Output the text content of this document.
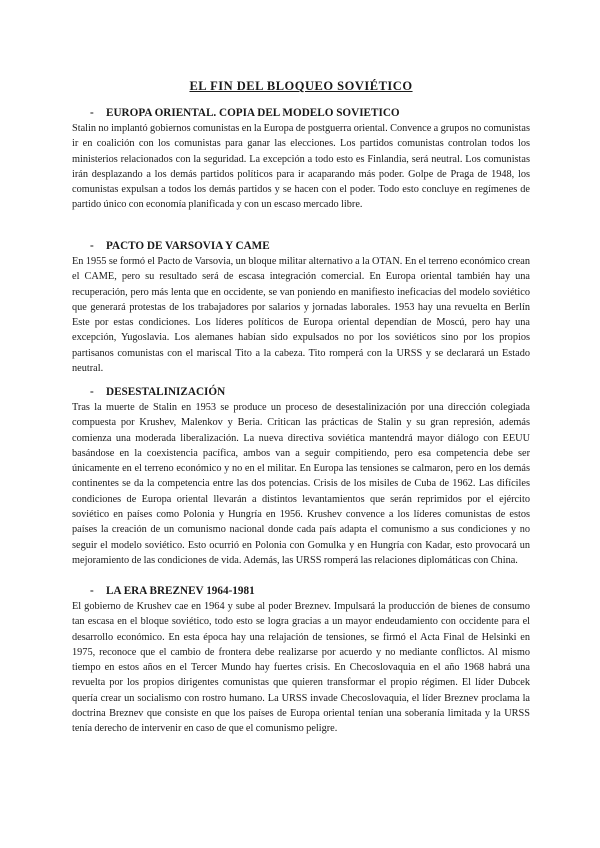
EL FIN DEL BLOQUEO SOVIÉTICO
-	EUROPA ORIENTAL. COPIA DEL MODELO SOVIETICO

Stalin no implantó gobiernos comunistas en la Europa de postguerra oriental. Convence a grupos no comunistas ir en coalición con los comunistas para ganar las elecciones. Los partidos comunistas controlan todos los ministerios relacionados con la seguridad. La excepción a todo esto es Finlandia, será neutral. Los comunistas irán desplazando a los demás partidos políticos para ir acaparando más poder. Golpe de Praga de 1948, los comunistas expulsan a todos los demás partidos y se hacen con el poder. Todo esto concluye en regímenes de partido único con economía planificada y con un escaso mercado libre.

-	PACTO DE VARSOVIA Y CAME

En 1955 se formó el Pacto de Varsovia, un bloque militar alternativo a la OTAN. En el terreno económico crean el CAME, pero su resultado será de escasa integración comercial. En Europa oriental también hay una recuperación, pero más lenta que en occidente, se van poniendo en manifiesto ineficacias del modelo soviético que generará protestas de los trabajadores por salarios y jornadas laborales. 1953 hay una revuelta en Berlín Este por estas condiciones. Los líderes políticos de Europa oriental dependían de Moscú, pero hay una excepción, Yugoslavia. Los alemanes habían sido expulsados no por los soviéticos sino por los propios partisanos comunistas con el mariscal Tito a la cabeza. Tito romperá con la URSS y se declarará un Estado neutral.

-	DESESTALINIZACIÓN

Tras la muerte de Stalin en 1953 se produce un proceso de desestalinización por una dirección colegiada compuesta por Krushev, Malenkov y Beria. Critican las prácticas de Stalin y su gran represión, además comienza una moderada liberalización. La nueva directiva soviética mantendrá mayor diálogo con EEUU basándose en la coexistencia pacífica, ambos van a seguir compitiendo, pero esa competencia debe ser únicamente en el terreno económico y no en el militar. En Europa las tensiones se calmaron, pero en los demás continentes se da la competencia entre las dos potencias. Crisis de los misiles de Cuba de 1962. Las difíciles condiciones de Europa oriental llevarán a distintos levantamientos que serán reprimidos por el ejército soviético en países como Polonia y Hungría en 1956. Krushev convence a los líderes comunistas de estos países la creación de un comunismo nacional donde cada país adapta el comunismo a sus condiciones y no seguir el modelo soviético. Esto ocurrió en Polonia con Gomulka y en Hungría con Kadar, esto provocará un mejoramiento de las condiciones de vida. Además, las URSS romperá las relaciones diplomáticas con China.

-	LA ERA BREZNEV 1964-1981

El gobierno de Krushev cae en 1964 y sube al poder Breznev. Impulsará la producción de bienes de consumo tan escasa en el bloque soviético, todo esto se logra gracias a un mayor endeudamiento con occidente para el desarrollo económico. En esta época hay una relajación de tensiones, se firmó el Acta Final de Helsinki en 1975, reconoce que el cambio de frontera debe realizarse por acuerdo y no mediante conflictos. Al mismo tiempo en estos años en el Tercer Mundo hay fuertes crisis. En Checoslovaquia en el año 1968 habrá una revuelta por los propios dirigentes comunistas que quieren transformar el propio régimen. El líder Dubcek quería crear un socialismo con rostro humano. La URSS invade Checoslovaquia, el líder Breznev proclama la doctrina Breznev que consiste en que los países de Europa oriental tenían una soberanía limitada y la URSS tenía derecho de intervenir en caso de que el comunismo peligre.
